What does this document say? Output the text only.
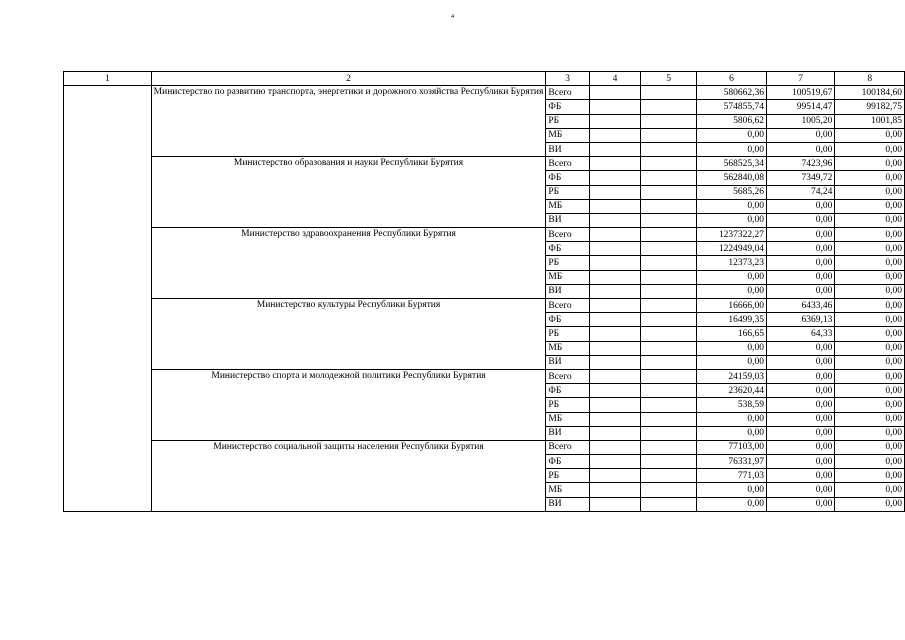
4
1	2	3	4	5	6	7	8
	Министерство по развитию транспорта, энергетики и дорожного хозяйства Республики Бурятия	Всего			580662,36	100519,67	100184,60
		ФБ			574855,74	99514,47	99182,75
		РБ			5806,62	1005,20	1001,85
		МБ			0,00	0,00	0,00
		ВИ			0,00	0,00	0,00
	Министерство образования и науки Республики Бурятия	Всего			568525,34	7423,96	0,00
		ФБ			562840,08	7349,72	0,00
		РБ			5685,26	74,24	0,00
		МБ			0,00	0,00	0,00
		ВИ			0,00	0,00	0,00
	Министерство здравоохранения Республики Бурятия	Всего			1237322,27	0,00	0,00
		ФБ			1224949,04	0,00	0,00
		РБ			12373,23	0,00	0,00
		МБ			0,00	0,00	0,00
		ВИ			0,00	0,00	0,00
	Министерство культуры Республики Бурятия	Всего			16666,00	6433,46	0,00
		ФБ			16499,35	6369,13	0,00
		РБ			166,65	64,33	0,00
		МБ			0,00	0,00	0,00
		ВИ			0,00	0,00	0,00
	Министерство спорта и молодежной политики Республики Бурятия	Всего			24159,03	0,00	0,00
		ФБ			23620,44	0,00	0,00
		РБ			538,59	0,00	0,00
		МБ			0,00	0,00	0,00
		ВИ			0,00	0,00	0,00
	Министерство социальной защиты населения Республики Бурятия	Всего			77103,00	0,00	0,00
		ФБ			76331,97	0,00	0,00
		РБ			771,03	0,00	0,00
		МБ			0,00	0,00	0,00
		ВИ			0,00	0,00	0,00
